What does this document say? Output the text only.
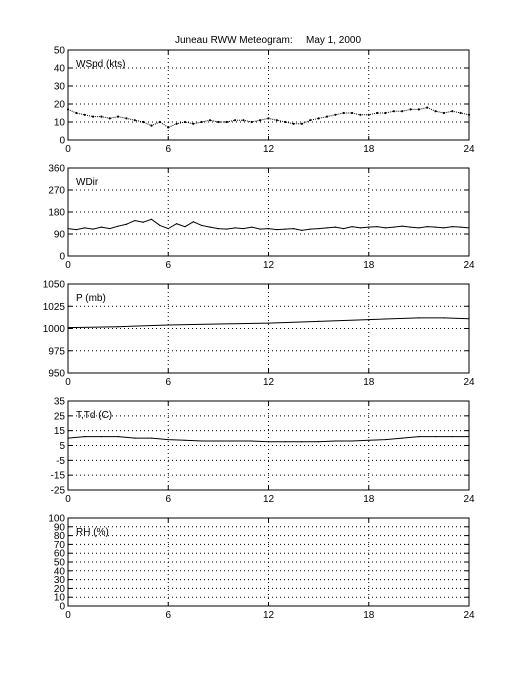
Juneau RWW Meteogram: May 1, 2000
0	6	12	18	24
0
10
20
30
40
50
WSpd (kts)
0	6	12	18	24
0
90
180
270
360
WDir
0	6	12	18	24
950
975
1000
1025
1050
P (mb)
0	6	12	18	24
-25
-15
-5
5
15
25
35
T,Td (C)
0	6	12	18	24
0
10
20
30
40
50
60
70
80
90
100
RH (%)
